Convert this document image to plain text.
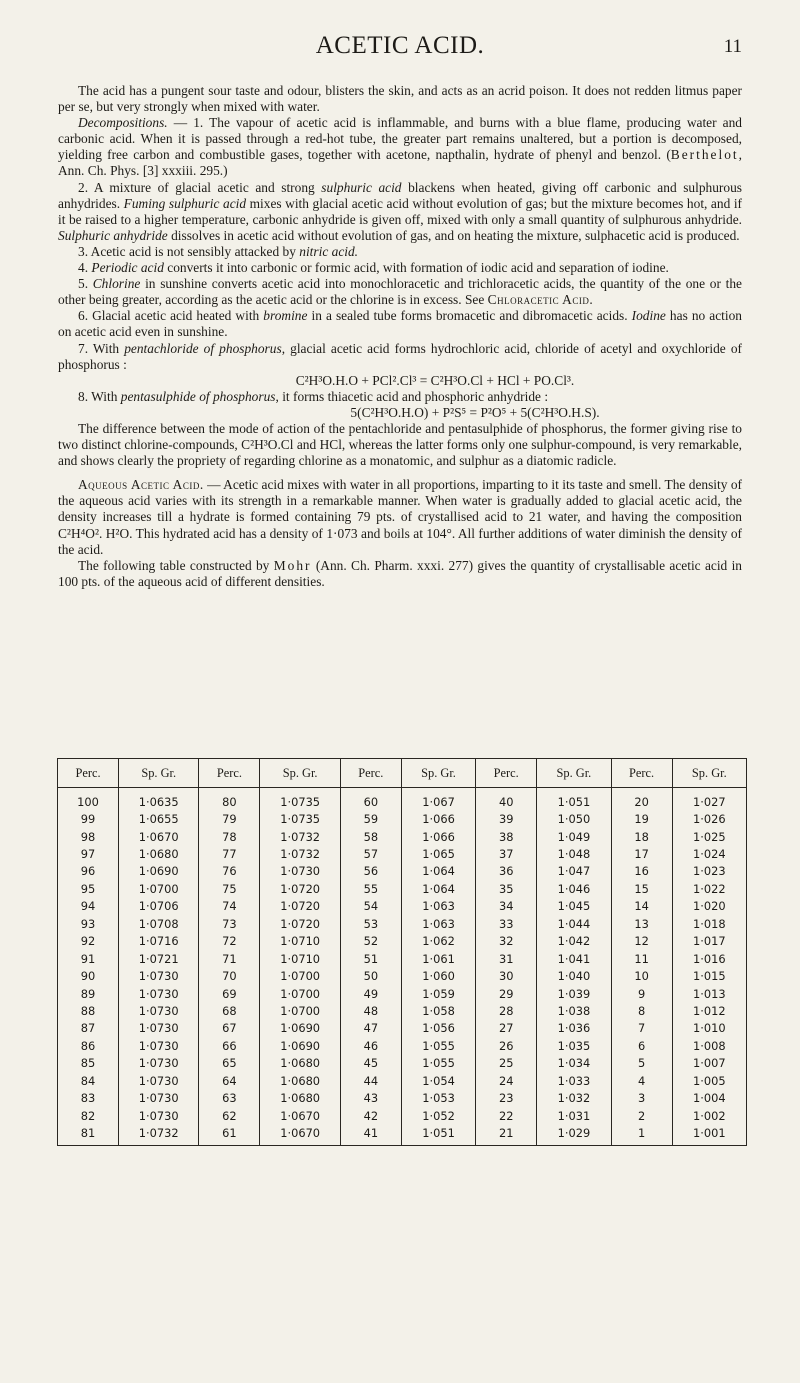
ACETIC ACID.	11

The acid has a pungent sour taste and odour, blisters the skin, and acts as an acrid poison. It does not redden litmus paper per se, but very strongly when mixed with water.

Decompositions. — 1. The vapour of acetic acid is inflammable, and burns with a blue flame, producing water and carbonic acid. When it is passed through a red-hot tube, the greater part remains unaltered, but a portion is decomposed, yielding free carbon and combustible gases, together with acetone, napthalin, hydrate of phenyl and benzol. (Berthelot, Ann. Ch. Phys. [3] xxxiii. 295.)

2. A mixture of glacial acetic and strong sulphuric acid blackens when heated, giving off carbonic and sulphurous anhydrides. Fuming sulphuric acid mixes with glacial acetic acid without evolution of gas; but the mixture becomes hot, and if it be raised to a higher temperature, carbonic anhydride is given off, mixed with only a small quantity of sulphurous anhydride. Sulphuric anhydride dissolves in acetic acid without evolution of gas, and on heating the mixture, sulphacetic acid is produced.

3. Acetic acid is not sensibly attacked by nitric acid.

4. Periodic acid converts it into carbonic or formic acid, with formation of iodic acid and separation of iodine.

5. Chlorine in sunshine converts acetic acid into monochloracetic and trichloracetic acids, the quantity of the one or the other being greater, according as the acetic acid or the chlorine is in excess. See Chloracetic Acid.

6. Glacial acetic acid heated with bromine in a sealed tube forms bromacetic and dibromacetic acids. Iodine has no action on acetic acid even in sunshine.

7. With pentachloride of phosphorus, glacial acetic acid forms hydrochloric acid, chloride of acetyl and oxychloride of phosphorus :

C²H³O.H.O + PCl².Cl³ = C²H³O.Cl + HCl + PO.Cl³.

8. With pentasulphide of phosphorus, it forms thiacetic acid and phosphoric anhydride :

5(C²H³O.H.O) + P²S⁵ = P²O⁵ + 5(C²H³O.H.S).

The difference between the mode of action of the pentachloride and pentasulphide of phosphorus, the former giving rise to two distinct chlorine-compounds, C²H³O.Cl and HCl, whereas the latter forms only one sulphur-compound, is very remarkable, and shows clearly the propriety of regarding chlorine as a monatomic, and sulphur as a diatomic radicle.

Aqueous Acetic Acid. — Acetic acid mixes with water in all proportions, imparting to it its taste and smell. The density of the aqueous acid varies with its strength in a remarkable manner. When water is gradually added to glacial acetic acid, the density increases till a hydrate is formed containing 79 pts. of crystallised acid to 21 water, and having the composition C²H⁴O². H²O. This hydrated acid has a density of 1·073 and boils at 104°. All further additions of water diminish the density of the acid.

The following table constructed by Mohr (Ann. Ch. Pharm. xxxi. 277) gives the quantity of crystallisable acetic acid in 100 pts. of the aqueous acid of different densities.

Perc.	Sp. Gr.	Perc.	Sp. Gr.	Perc.	Sp. Gr.	Perc.	Sp. Gr.	Perc.	Sp. Gr.
100	1·0635	80	1·0735	60	1·067	40	1·051	20	1·027
99	1·0655	79	1·0735	59	1·066	39	1·050	19	1·026
98	1·0670	78	1·0732	58	1·066	38	1·049	18	1·025
97	1·0680	77	1·0732	57	1·065	37	1·048	17	1·024
96	1·0690	76	1·0730	56	1·064	36	1·047	16	1·023
95	1·0700	75	1·0720	55	1·064	35	1·046	15	1·022
94	1·0706	74	1·0720	54	1·063	34	1·045	14	1·020
93	1·0708	73	1·0720	53	1·063	33	1·044	13	1·018
92	1·0716	72	1·0710	52	1·062	32	1·042	12	1·017
91	1·0721	71	1·0710	51	1·061	31	1·041	11	1·016
90	1·0730	70	1·0700	50	1·060	30	1·040	10	1·015
89	1·0730	69	1·0700	49	1·059	29	1·039	9	1·013
88	1·0730	68	1·0700	48	1·058	28	1·038	8	1·012
87	1·0730	67	1·0690	47	1·056	27	1·036	7	1·010
86	1·0730	66	1·0690	46	1·055	26	1·035	6	1·008
85	1·0730	65	1·0680	45	1·055	25	1·034	5	1·007
84	1·0730	64	1·0680	44	1·054	24	1·033	4	1·005
83	1·0730	63	1·0680	43	1·053	23	1·032	3	1·004
82	1·0730	62	1·0670	42	1·052	22	1·031	2	1·002
81	1·0732	61	1·0670	41	1·051	21	1·029	1	1·001
